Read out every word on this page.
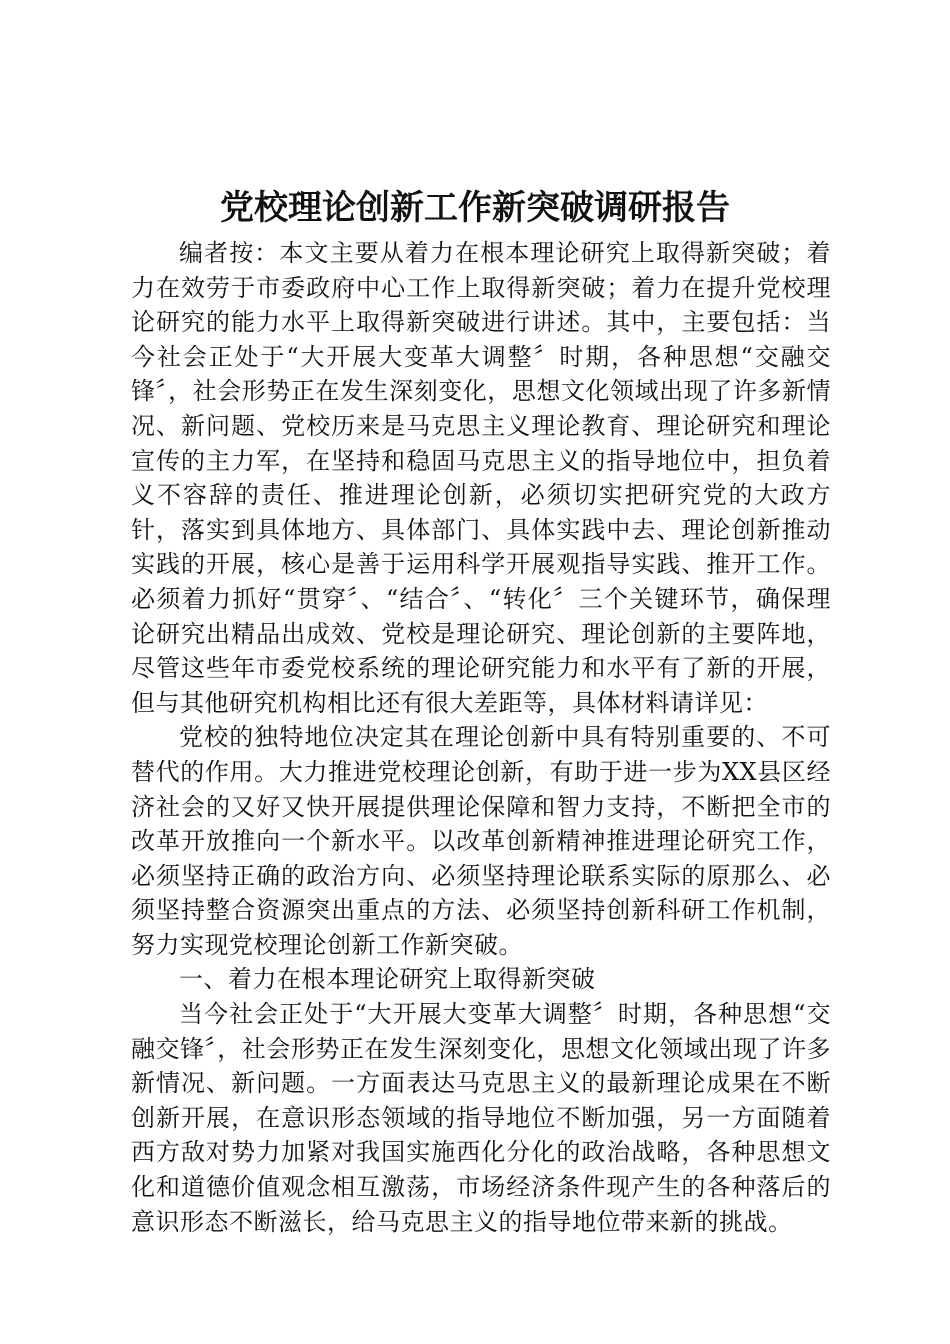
党校理论创新工作新突破调研报告

编者按：本文主要从着力在根本理论研究上取得新突破；着力在效劳于市委政府中心工作上取得新突破；着力在提升党校理论研究的能力水平上取得新突破进行讲述。其中，主要包括：当今社会正处于“大开展大变革大调整〞时期，各种思想“交融交锋〞，社会形势正在发生深刻变化，思想文化领域出现了许多新情况、新问题、党校历来是马克思主义理论教育、理论研究和理论宣传的主力军，在坚持和稳固马克思主义的指导地位中，担负着义不容辞的责任、推进理论创新，必须切实把研究党的大政方针，落实到具体地方、具体部门、具体实践中去、理论创新推动实践的开展，核心是善于运用科学开展观指导实践、推开工作。必须着力抓好“贯穿〞、“结合〞、“转化〞三个关键环节，确保理论研究出精品出成效、党校是理论研究、理论创新的主要阵地，尽管这些年市委党校系统的理论研究能力和水平有了新的开展，但与其他研究机构相比还有很大差距等，具体材料请详见：

党校的独特地位决定其在理论创新中具有特别重要的、不可替代的作用。大力推进党校理论创新，有助于进一步为XX县区经济社会的又好又快开展提供理论保障和智力支持，不断把全市的改革开放推向一个新水平。以改革创新精神推进理论研究工作，必须坚持正确的政治方向、必须坚持理论联系实际的原那么、必须坚持整合资源突出重点的方法、必须坚持创新科研工作机制，努力实现党校理论创新工作新突破。

一、着力在根本理论研究上取得新突破

当今社会正处于“大开展大变革大调整〞时期，各种思想“交融交锋〞，社会形势正在发生深刻变化，思想文化领域出现了许多新情况、新问题。一方面表达马克思主义的最新理论成果在不断创新开展，在意识形态领域的指导地位不断加强，另一方面随着西方敌对势力加紧对我国实施西化分化的政治战略，各种思想文化和道德价值观念相互激荡，市场经济条件现产生的各种落后的意识形态不断滋长，给马克思主义的指导地位带来新的挑战。
